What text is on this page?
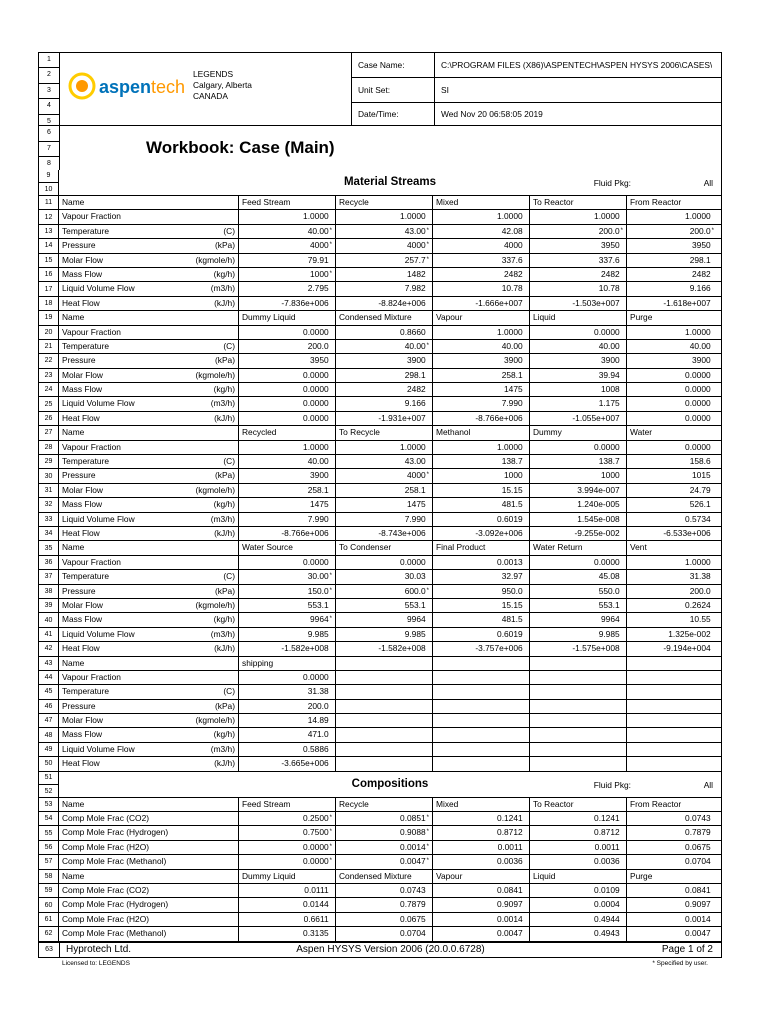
1
2
3
4
5
aspentech
LEGENDS
Calgary, Alberta
CANADA
Case Name:	C:\PROGRAM FILES (X86)\ASPENTECH\ASPEN HYSYS 2006\CASES\
Unit Set:	SI
Date/Time:	Wed Nov 20 06:58:05 2019
6
7
8
Workbook: Case (Main)
9
10
Material Streams	Fluid Pkg:	All
11	Name	Feed Stream	Recycle	Mixed	To Reactor	From Reactor
12	Vapour Fraction	1.0000	1.0000	1.0000	1.0000	1.0000
13	Temperature	(C)	40.00*	43.00*	42.08	200.0*	200.0*
14	Pressure	(kPa)	4000*	4000*	4000	3950	3950
15	Molar Flow	(kgmole/h)	79.91	257.7*	337.6	337.6	298.1
16	Mass Flow	(kg/h)	1000*	1482	2482	2482	2482
17	Liquid Volume Flow	(m3/h)	2.795	7.982	10.78	10.78	9.166
18	Heat Flow	(kJ/h)	-7.836e+006	-8.824e+006	-1.666e+007	-1.503e+007	-1.618e+007
19	Name	Dummy Liquid	Condensed Mixture	Vapour	Liquid	Purge
20	Vapour Fraction	0.0000	0.8660	1.0000	0.0000	1.0000
21	Temperature	(C)	200.0	40.00*	40.00	40.00	40.00
22	Pressure	(kPa)	3950	3900	3900	3900	3900
23	Molar Flow	(kgmole/h)	0.0000	298.1	258.1	39.94	0.0000
24	Mass Flow	(kg/h)	0.0000	2482	1475	1008	0.0000
25	Liquid Volume Flow	(m3/h)	0.0000	9.166	7.990	1.175	0.0000
26	Heat Flow	(kJ/h)	0.0000	-1.931e+007	-8.766e+006	-1.055e+007	0.0000
27	Name	Recycled	To Recycle	Methanol	Dummy	Water
28	Vapour Fraction	1.0000	1.0000	1.0000	0.0000	0.0000
29	Temperature	(C)	40.00	43.00	138.7	138.7	158.6
30	Pressure	(kPa)	3900	4000*	1000	1000	1015
31	Molar Flow	(kgmole/h)	258.1	258.1	15.15	3.994e-007	24.79
32	Mass Flow	(kg/h)	1475	1475	481.5	1.240e-005	526.1
33	Liquid Volume Flow	(m3/h)	7.990	7.990	0.6019	1.545e-008	0.5734
34	Heat Flow	(kJ/h)	-8.766e+006	-8.743e+006	-3.092e+006	-9.255e-002	-6.533e+006
35	Name	Water Source	To Condenser	Final Product	Water Return	Vent
36	Vapour Fraction	0.0000	0.0000	0.0013	0.0000	1.0000
37	Temperature	(C)	30.00*	30.03	32.97	45.08	31.38
38	Pressure	(kPa)	150.0*	600.0*	950.0	550.0	200.0
39	Molar Flow	(kgmole/h)	553.1	553.1	15.15	553.1	0.2624
40	Mass Flow	(kg/h)	9964*	9964	481.5	9964	10.55
41	Liquid Volume Flow	(m3/h)	9.985	9.985	0.6019	9.985	1.325e-002
42	Heat Flow	(kJ/h)	-1.582e+008	-1.582e+008	-3.757e+006	-1.575e+008	-9.194e+004
43	Name	shipping
44	Vapour Fraction	0.0000
45	Temperature	(C)	31.38
46	Pressure	(kPa)	200.0
47	Molar Flow	(kgmole/h)	14.89
48	Mass Flow	(kg/h)	471.0
49	Liquid Volume Flow	(m3/h)	0.5886
50	Heat Flow	(kJ/h)	-3.665e+006
51
52
Compositions	Fluid Pkg:	All
53	Name	Feed Stream	Recycle	Mixed	To Reactor	From Reactor
54	Comp Mole Frac (CO2)	0.2500*	0.0851*	0.1241	0.1241	0.0743
55	Comp Mole Frac (Hydrogen)	0.7500*	0.9088*	0.8712	0.8712	0.7879
56	Comp Mole Frac (H2O)	0.0000*	0.0014*	0.0011	0.0011	0.0675
57	Comp Mole Frac (Methanol)	0.0000*	0.0047*	0.0036	0.0036	0.0704
58	Name	Dummy Liquid	Condensed Mixture	Vapour	Liquid	Purge
59	Comp Mole Frac (CO2)	0.0111	0.0743	0.0841	0.0109	0.0841
60	Comp Mole Frac (Hydrogen)	0.0144	0.7879	0.9097	0.0004	0.9097
61	Comp Mole Frac (H2O)	0.6611	0.0675	0.0014	0.4944	0.0014
62	Comp Mole Frac (Methanol)	0.3135	0.0704	0.0047	0.4943	0.0047
63	Hyprotech Ltd.	Aspen HYSYS Version 2006 (20.0.0.6728)	Page 1 of 2
Licensed to: LEGENDS	* Specified by user.
